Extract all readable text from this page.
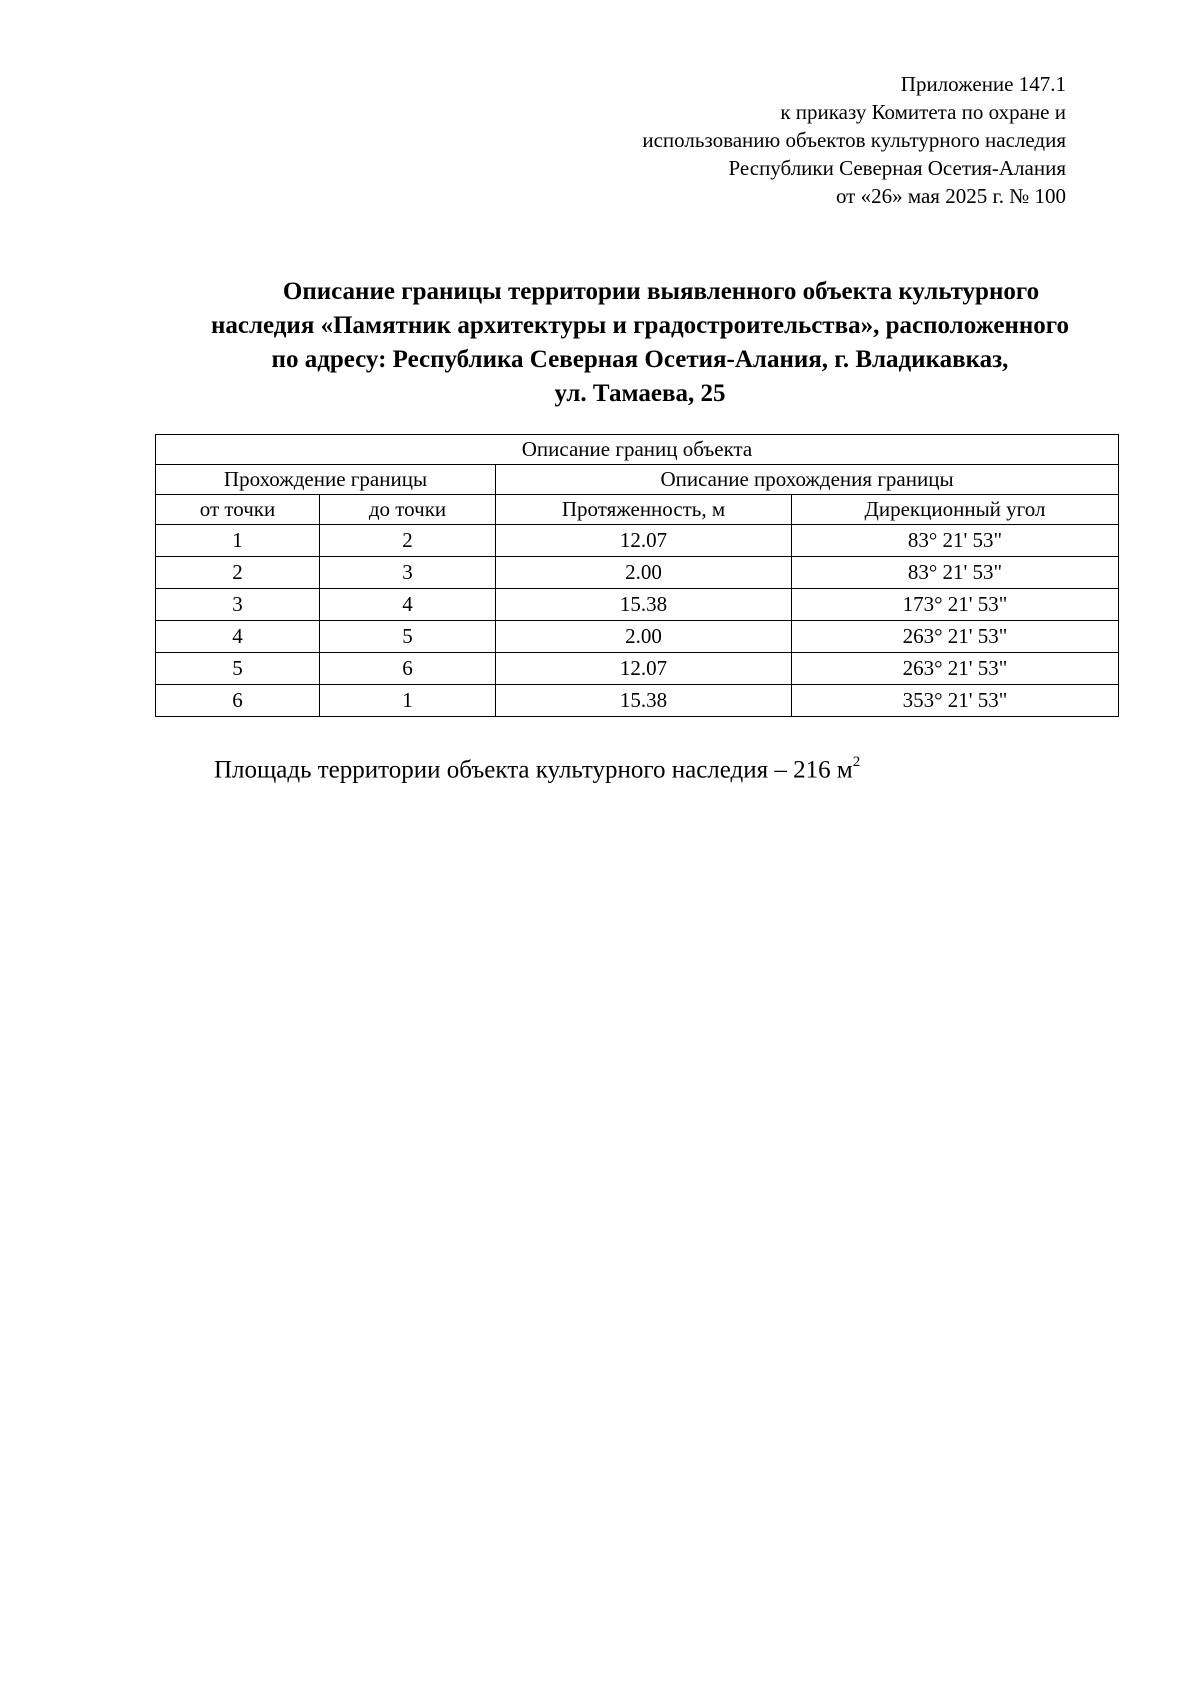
Приложение 147.1
к приказу Комитета по охране и
использованию объектов культурного наследия
Республики Северная Осетия-Алания
от «26» мая 2025 г. № 100
Описание границы территории выявленного объекта культурного
наследия «Памятник архитектуры и градостроительства», расположенного
по адресу: Республика Северная Осетия-Алания, г. Владикавказ,
ул. Тамаева, 25
Описание границ объекта			
Прохождение границы		Описание прохождения границы	
от точки	до точки	Протяженность, м	Дирекционный угол
1	2	12.07	83° 21' 53"
2	3	2.00	83° 21' 53"
3	4	15.38	173° 21' 53"
4	5	2.00	263° 21' 53"
5	6	12.07	263° 21' 53"
6	1	15.38	353° 21' 53"
Площадь территории объекта культурного наследия – 216 $м^2$
